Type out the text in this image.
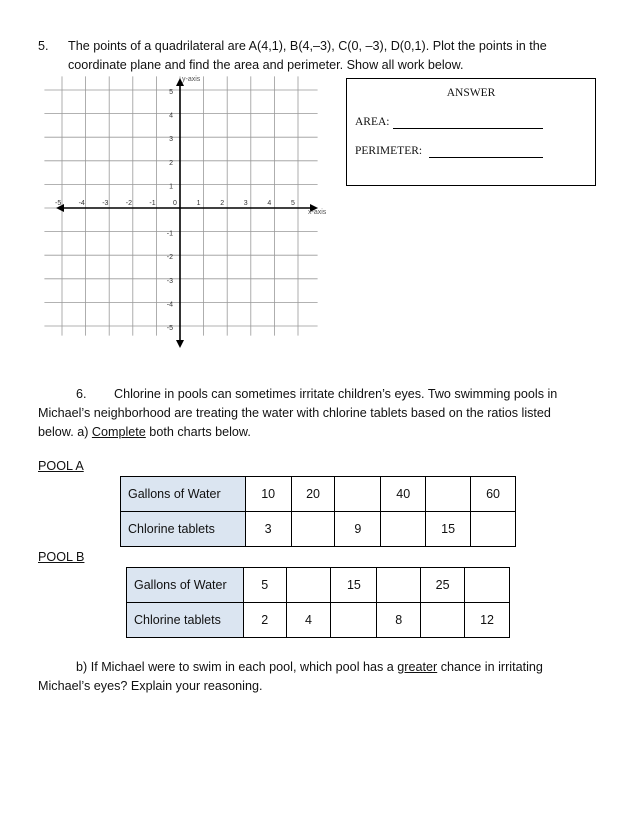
5. The points of a quadrilateral are A(4,1), B(4,–3), C(0, –3), D(0,1). Plot the points in the
coordinate plane and find the area and perimeter. Show all work below.
-5 -4 -3 -2 -1 0	1	2	3	4	5
5
4
3
2
1
-1
-2
-3
-4
-5
y-axis
x-axis
ANSWER
AREA:
PERIMETER:
6. Chlorine in pools can sometimes irritate children’s eyes. Two swimming pools in
Michael’s neighborhood are treating the water with chlorine tablets based on the ratios listed
below. a) Complete both charts below.
POOL A
Gallons of Water	10	20		40		60
Chlorine tablets	3		9		15	
POOL B
Gallons of Water	5		15		25	
Chlorine tablets	2	4		8		12
b) If Michael were to swim in each pool, which pool has a greater chance in irritating
Michael’s eyes? Explain your reasoning.
